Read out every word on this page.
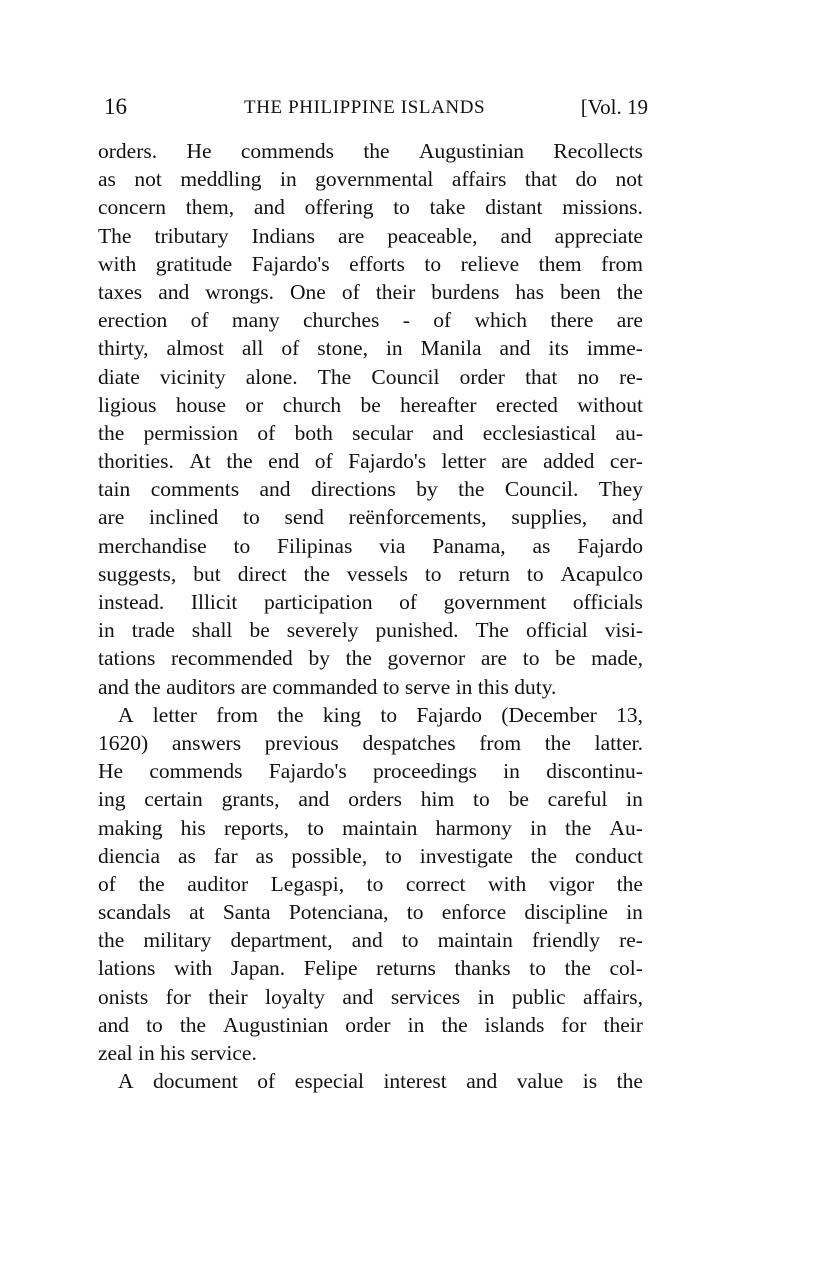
16	THE PHILIPPINE ISLANDS	[Vol. 19
orders. He commends the Augustinian Recollects
as not meddling in governmental affairs that do not
concern them, and offering to take distant missions.
The tributary Indians are peaceable, and appreciate
with gratitude Fajardo's efforts to relieve them from
taxes and wrongs. One of their burdens has been the
erection of many churches - of which there are
thirty, almost all of stone, in Manila and its imme-
diate vicinity alone. The Council order that no re-
ligious house or church be hereafter erected without
the permission of both secular and ecclesiastical au-
thorities. At the end of Fajardo's letter are added cer-
tain comments and directions by the Council. They
are inclined to send reënforcements, supplies, and
merchandise to Filipinas via Panama, as Fajardo
suggests, but direct the vessels to return to Acapulco
instead. Illicit participation of government officials
in trade shall be severely punished. The official visi-
tations recommended by the governor are to be made,
and the auditors are commanded to serve in this duty.
A letter from the king to Fajardo (December 13,
1620) answers previous despatches from the latter.
He commends Fajardo's proceedings in discontinu-
ing certain grants, and orders him to be careful in
making his reports, to maintain harmony in the Au-
diencia as far as possible, to investigate the conduct
of the auditor Legaspi, to correct with vigor the
scandals at Santa Potenciana, to enforce discipline in
the military department, and to maintain friendly re-
lations with Japan. Felipe returns thanks to the col-
onists for their loyalty and services in public affairs,
and to the Augustinian order in the islands for their
zeal in his service.
A document of especial interest and value is the
